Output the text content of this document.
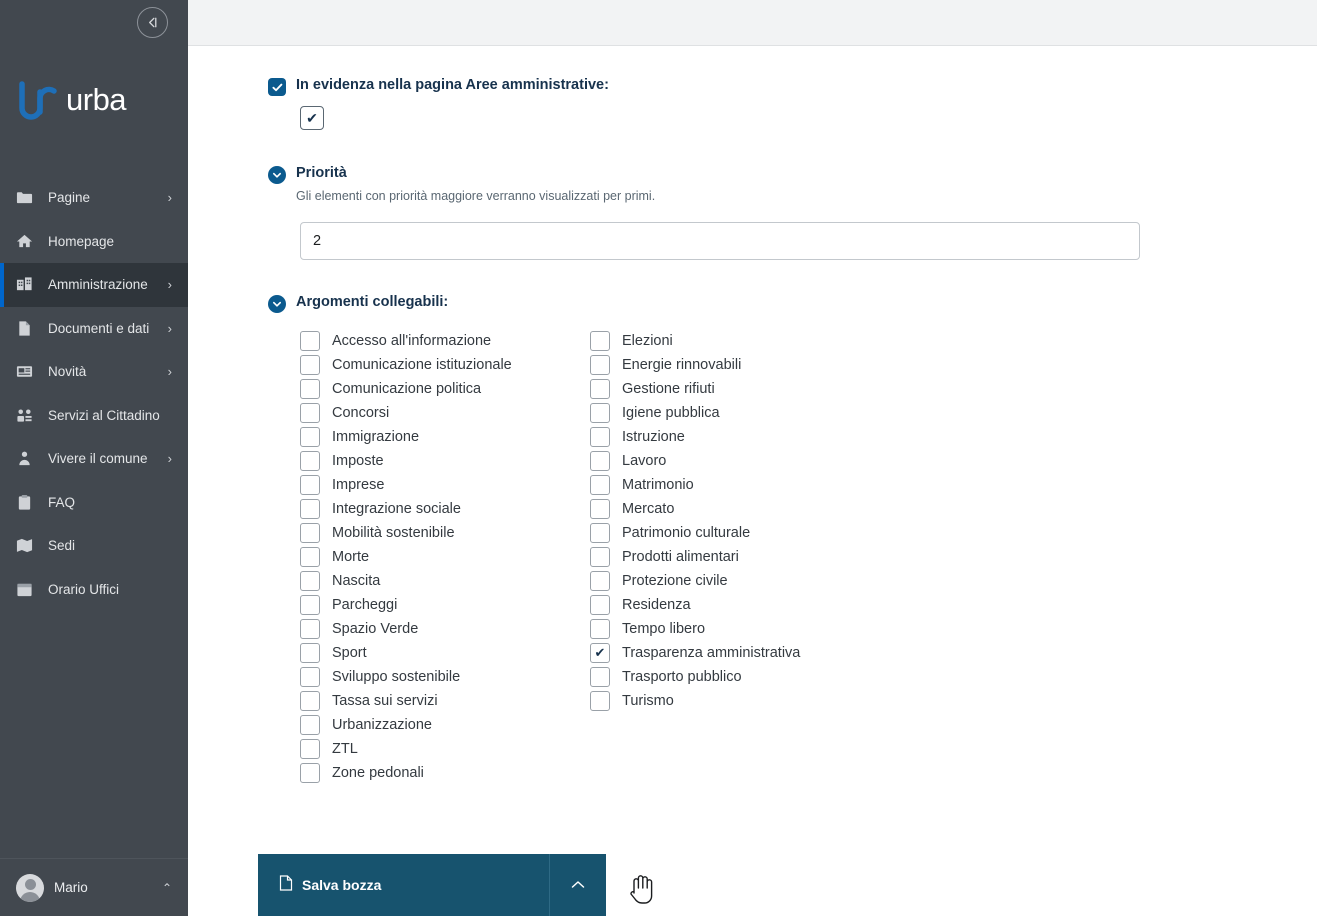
urba
Pagine	›
Homepage
Amministrazione	›
Documenti e dati	›
Novità	›
Servizi al Cittadino
Vivere il comune	›
FAQ
Sedi
Orario Uffici
Mario	⌃
In evidenza nella pagina Aree amministrative:
✔
Priorità
Gli elementi con priorità maggiore verranno visualizzati per primi.
2
Argomenti collegabili:
Accesso all'informazione
Comunicazione istituzionale
Comunicazione politica
Concorsi
Immigrazione
Imposte
Imprese
Integrazione sociale
Mobilità sostenibile
Morte
Nascita
Parcheggi
Spazio Verde
Sport
Sviluppo sostenibile
Tassa sui servizi
Urbanizzazione
ZTL
Zone pedonali
Elezioni
Energie rinnovabili
Gestione rifiuti
Igiene pubblica
Istruzione
Lavoro
Matrimonio
Mercato
Patrimonio culturale
Prodotti alimentari
Protezione civile
Residenza
Tempo libero
✔ Trasparenza amministrativa
Trasporto pubblico
Turismo
Salva bozza
